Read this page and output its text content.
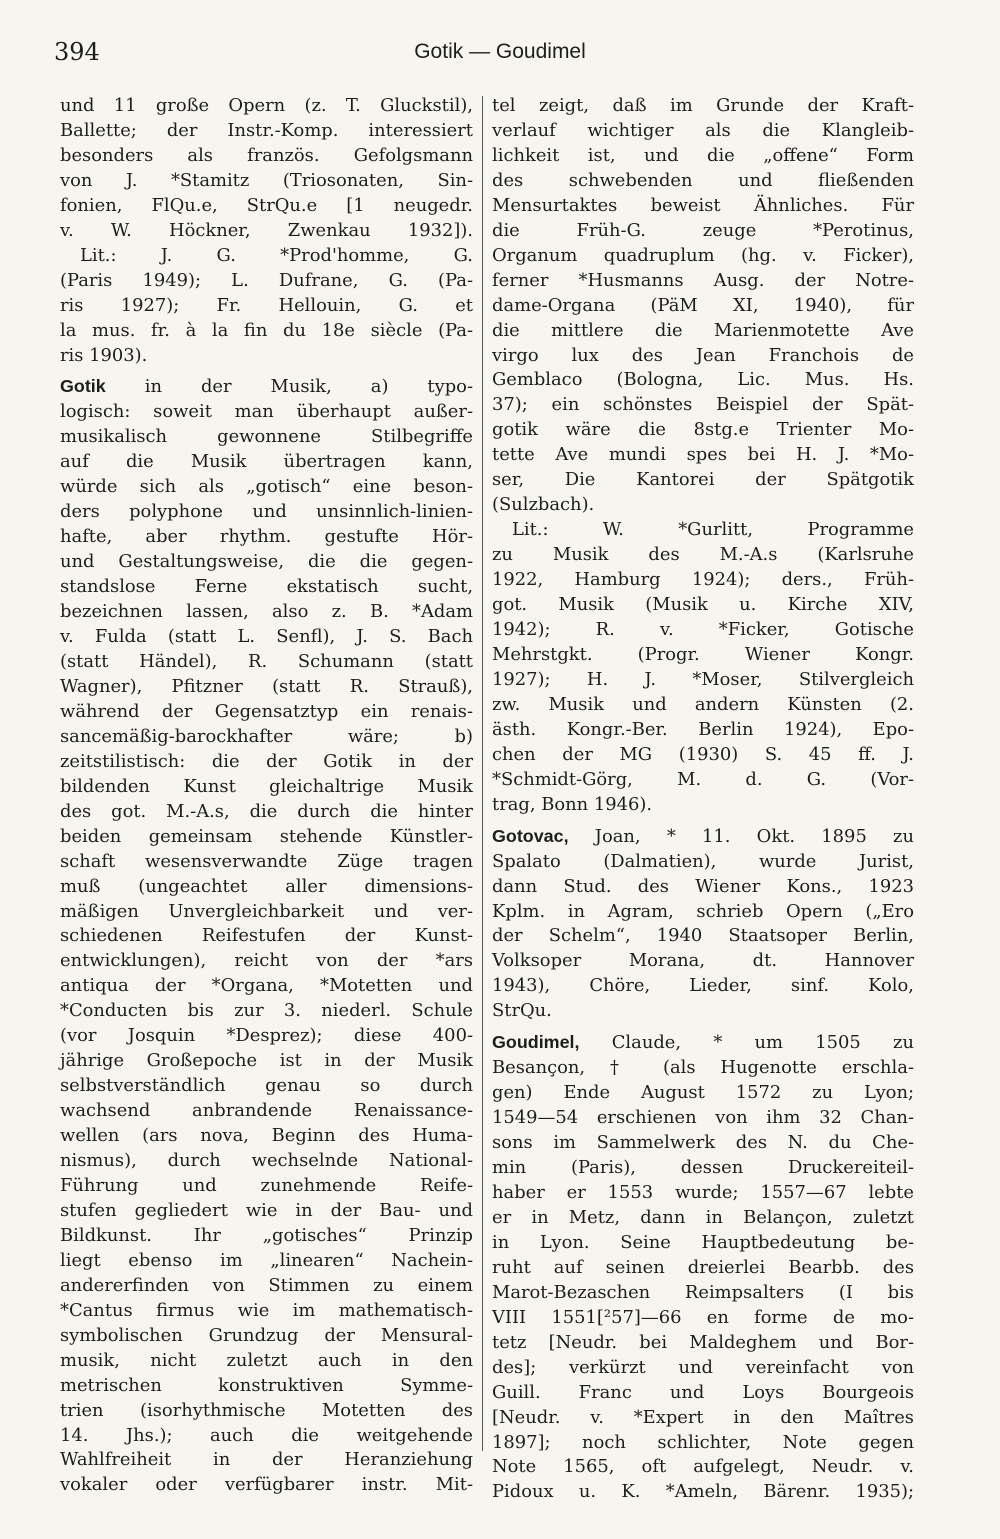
394	Gotik — Goudimel
und 11 große Opern (z. T. Gluckstil),
Ballette; der Instr.-Komp. interessiert
besonders als französ. Gefolgsmann
von J. *Stamitz (Triosonaten, Sin-
fonien, FlQu.e, StrQu.e [1 neugedr.
v. W. Höckner, Zwenkau 1932]).
Lit.: J. G. *Prod'homme, G.
(Paris 1949); L. Dufrane, G. (Pa-
ris 1927); Fr. Hellouin, G. et
la mus. fr. à la fin du 18e siècle (Pa-
ris 1903).
Gotik in der Musik, a) typo-
logisch: soweit man überhaupt außer-
musikalisch gewonnene Stilbegriffe
auf die Musik übertragen kann,
würde sich als „gotisch“ eine beson-
ders polyphone und unsinnlich-linien-
hafte, aber rhythm. gestufte Hör-
und Gestaltungsweise, die die gegen-
standslose Ferne ekstatisch sucht,
bezeichnen lassen, also z. B. *Adam
v. Fulda (statt L. Senfl), J. S. Bach
(statt Händel), R. Schumann (statt
Wagner), Pfitzner (statt R. Strauß),
während der Gegensatztyp ein renais-
sancemäßig-barockhafter wäre; b)
zeitstilistisch: die der Gotik in der
bildenden Kunst gleichaltrige Musik
des got. M.-A.s, die durch die hinter
beiden gemeinsam stehende Künstler-
schaft wesensverwandte Züge tragen
muß (ungeachtet aller dimensions-
mäßigen Unvergleichbarkeit und ver-
schiedenen Reifestufen der Kunst-
entwicklungen), reicht von der *ars
antiqua der *Organa, *Motetten und
*Conducten bis zur 3. niederl. Schule
(vor Josquin *Desprez); diese 400-
jährige Großepoche ist in der Musik
selbstverständlich genau so durch
wachsend anbrandende Renaissance-
wellen (ars nova, Beginn des Huma-
nismus), durch wechselnde National-
Führung und zunehmende Reife-
stufen gegliedert wie in der Bau- und
Bildkunst. Ihr „gotisches“ Prinzip
liegt ebenso im „linearen“ Nachein-
andererfinden von Stimmen zu einem
*Cantus firmus wie im mathematisch-
symbolischen Grundzug der Mensural-
musik, nicht zuletzt auch in den
metrischen konstruktiven Symme-
trien (isorhythmische Motetten des
14. Jhs.); auch die weitgehende
Wahlfreiheit in der Heranziehung
vokaler oder verfügbarer instr. Mit-
tel zeigt, daß im Grunde der Kraft-
verlauf wichtiger als die Klangleib-
lichkeit ist, und die „offene“ Form
des schwebenden und fließenden
Mensurtaktes beweist Ähnliches. Für
die Früh-G. zeuge *Perotinus,
Organum quadruplum (hg. v. Ficker),
ferner *Husmanns Ausg. der Notre-
dame-Organa (PäM XI, 1940), für
die mittlere die Marienmotette Ave
virgo lux des Jean Franchois de
Gemblaco (Bologna, Lic. Mus. Hs.
37); ein schönstes Beispiel der Spät-
gotik wäre die 8stg.e Trienter Mo-
tette Ave mundi spes bei H. J. *Mo-
ser, Die Kantorei der Spätgotik
(Sulzbach).
Lit.: W. *Gurlitt, Programme
zu Musik des M.-A.s (Karlsruhe
1922, Hamburg 1924); ders., Früh-
got. Musik (Musik u. Kirche XIV,
1942); R. v. *Ficker, Gotische
Mehrstgkt. (Progr. Wiener Kongr.
1927); H. J. *Moser, Stilvergleich
zw. Musik und andern Künsten (2.
ästh. Kongr.-Ber. Berlin 1924), Epo-
chen der MG (1930) S. 45 ff. J.
*Schmidt-Görg, M. d. G. (Vor-
trag, Bonn 1946).
Gotovac, Joan, * 11. Okt. 1895 zu
Spalato (Dalmatien), wurde Jurist,
dann Stud. des Wiener Kons., 1923
Kplm. in Agram, schrieb Opern („Ero
der Schelm“, 1940 Staatsoper Berlin,
Volksoper Morana, dt. Hannover
1943), Chöre, Lieder, sinf. Kolo,
StrQu.
Goudimel, Claude, * um 1505 zu
Besançon, † (als Hugenotte erschla-
gen) Ende August 1572 zu Lyon;
1549—54 erschienen von ihm 32 Chan-
sons im Sammelwerk des N. du Che-
min (Paris), dessen Druckereiteil-
haber er 1553 wurde; 1557—67 lebte
er in Metz, dann in Belançon, zuletzt
in Lyon. Seine Hauptbedeutung be-
ruht auf seinen dreierlei Bearbb. des
Marot-Bezaschen Reimpsalters (I bis
VIII 1551[²57]—66 en forme de mo-
tetz [Neudr. bei Maldeghem und Bor-
des]; verkürzt und vereinfacht von
Guill. Franc und Loys Bourgeois
[Neudr. v. *Expert in den Maîtres
1897]; noch schlichter, Note gegen
Note 1565, oft aufgelegt, Neudr. v.
Pidoux u. K. *Ameln, Bärenr. 1935);
